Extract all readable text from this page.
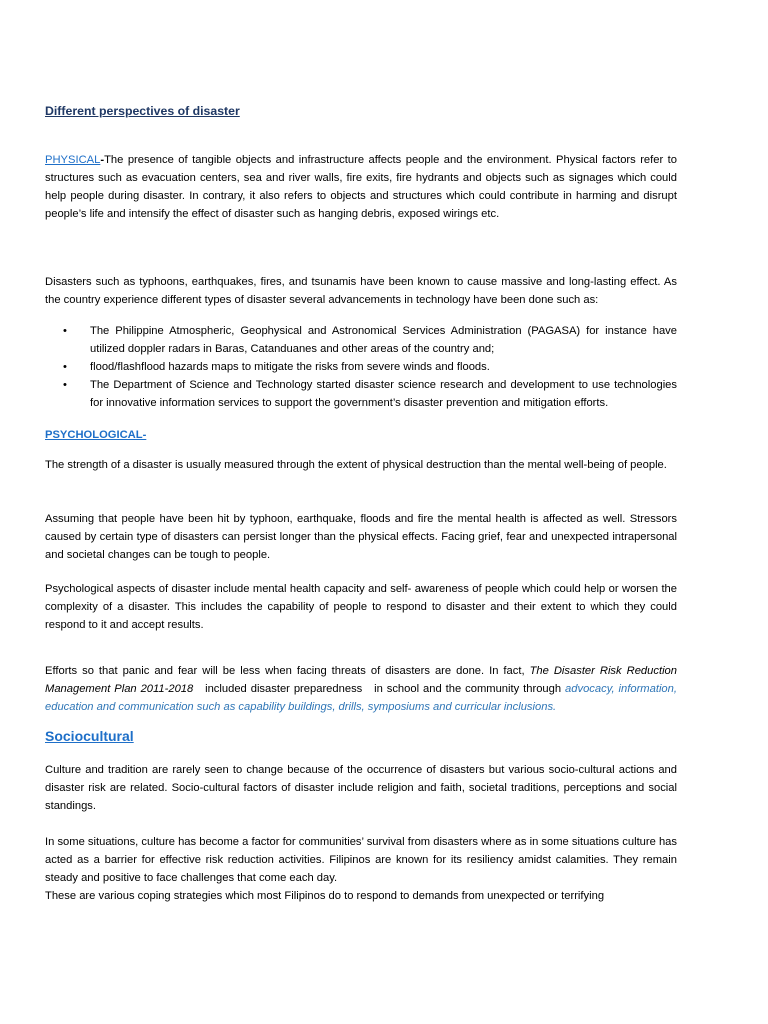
Different perspectives of disaster
PHYSICAL-The presence of tangible objects and infrastructure affects people and the environment. Physical factors refer to structures such as evacuation centers, sea and river walls, fire exits, fire hydrants and objects such as signages which could help people during disaster. In contrary, it also refers to objects and structures which could contribute in harming and disrupt people’s life and intensify the effect of disaster such as hanging debris, exposed wirings etc.
Disasters such as typhoons, earthquakes, fires, and tsunamis have been known to cause massive and long-lasting effect. As the country experience different types of disaster several advancements in technology have been done such as:
• The Philippine Atmospheric, Geophysical and Astronomical Services Administration (PAGASA) for instance have utilized doppler radars in Baras, Catanduanes and other areas of the country and;
• flood/flashflood hazards maps to mitigate the risks from severe winds and floods.
• The Department of Science and Technology started disaster science research and development to use technologies for innovative information services to support the government’s disaster prevention and mitigation efforts.
PSYCHOLOGICAL-
The strength of a disaster is usually measured through the extent of physical destruction than the mental well-being of people.
Assuming that people have been hit by typhoon, earthquake, floods and fire the mental health is affected as well. Stressors caused by certain type of disasters can persist longer than the physical effects. Facing grief, fear and unexpected intrapersonal and societal changes can be tough to people.
Psychological aspects of disaster include mental health capacity and self- awareness of people which could help or worsen the complexity of a disaster. This includes the capability of people to respond to disaster and their extent to which they could respond to it and accept results.
Efforts so that panic and fear will be less when facing threats of disasters are done. In fact, The Disaster Risk Reduction Management Plan 2011-2018   included disaster preparedness   in school and the community through advocacy, information, education and communication such as capability buildings, drills, symposiums and curricular inclusions.
Sociocultural
Culture and tradition are rarely seen to change because of the occurrence of disasters but various socio-cultural actions and disaster risk are related. Socio-cultural factors of disaster include religion and faith, societal traditions, perceptions and social standings.
In some situations, culture has become a factor for communities’ survival from disasters where as in some situations culture has acted as a barrier for effective risk reduction activities. Filipinos are known for its resiliency amidst calamities. They remain steady and positive to face challenges that come each day.
These are various coping strategies which most Filipinos do to respond to demands from unexpected or terrifying
